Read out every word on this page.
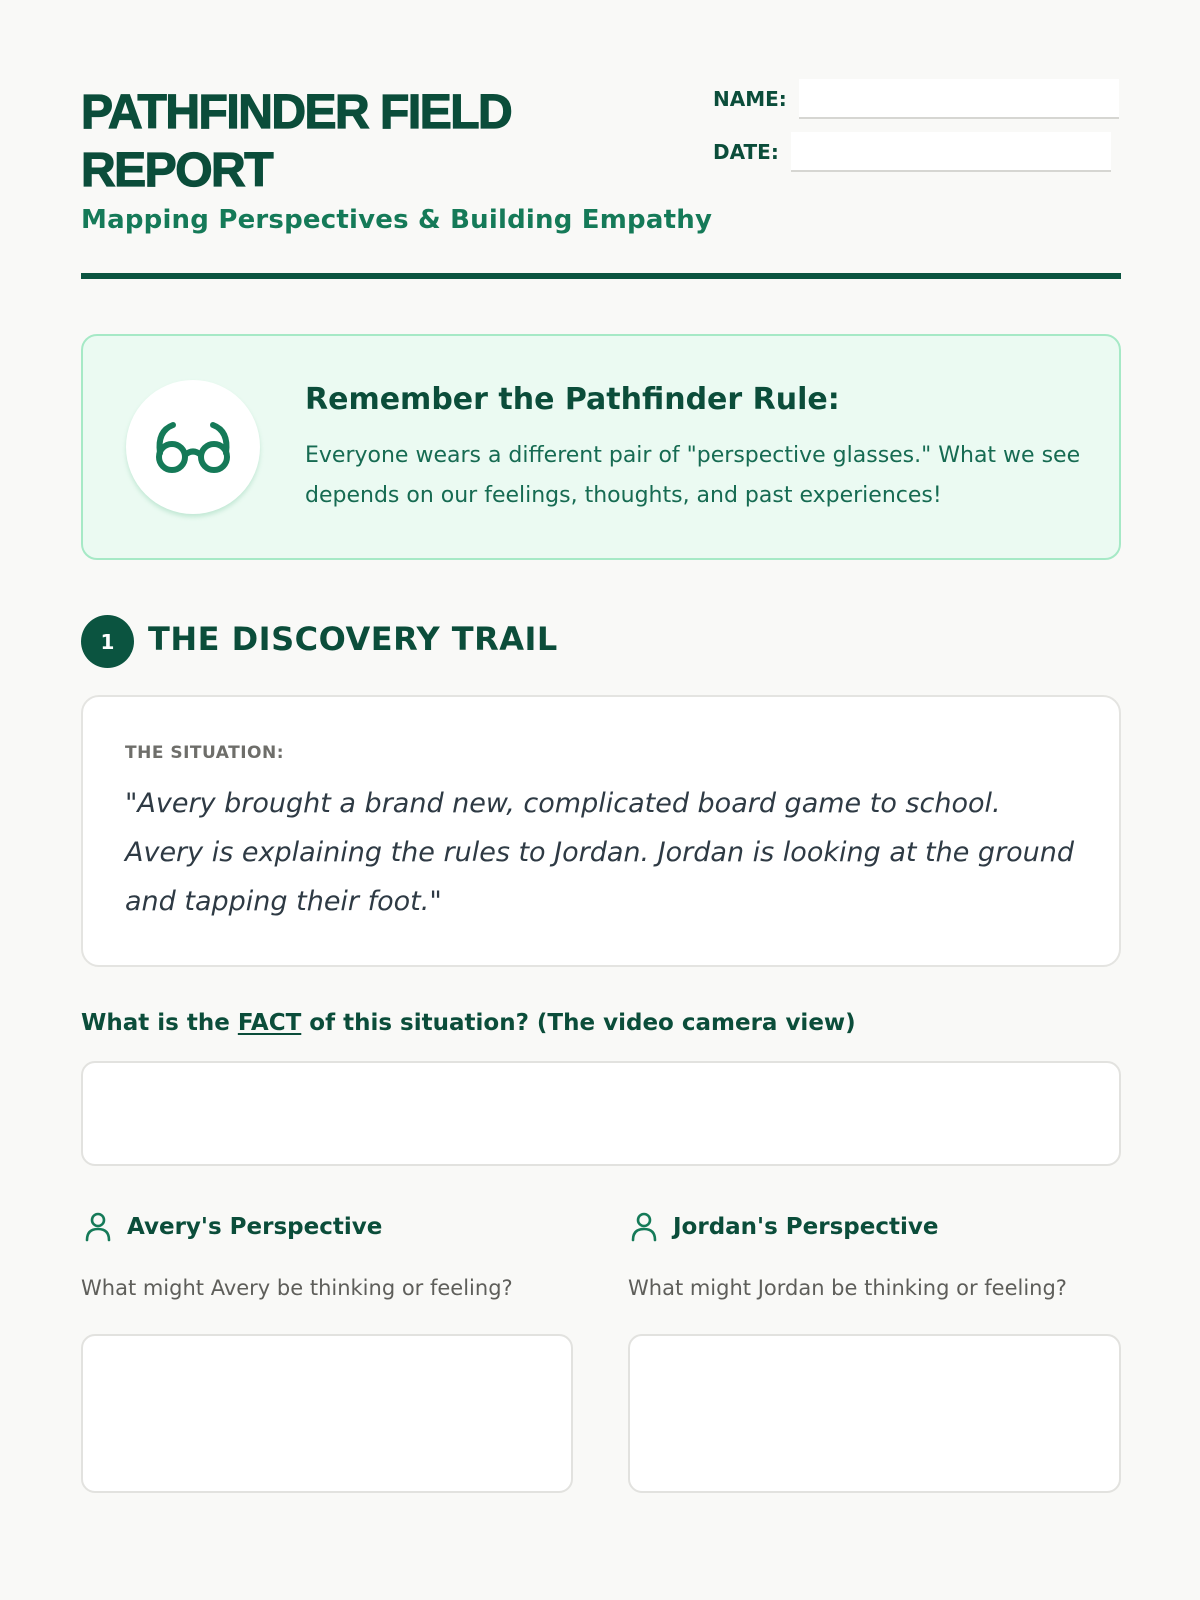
PATHFINDER FIELD REPORT
Mapping Perspectives & Building Empathy
NAME:
DATE:
Remember the Pathfinder Rule:

Everyone wears a different pair of "perspective glasses." What we see depends on our feelings, thoughts, and past experiences!

1	THE DISCOVERY TRAIL
THE SITUATION:

"Avery brought a brand new, complicated board game to school. Avery is explaining the rules to Jordan. Jordan is looking at the ground and tapping their foot."

What is the FACT of this situation? (The video camera view)
Avery's Perspective
What might Avery be thinking or feeling?
Jordan's Perspective
What might Jordan be thinking or feeling?
